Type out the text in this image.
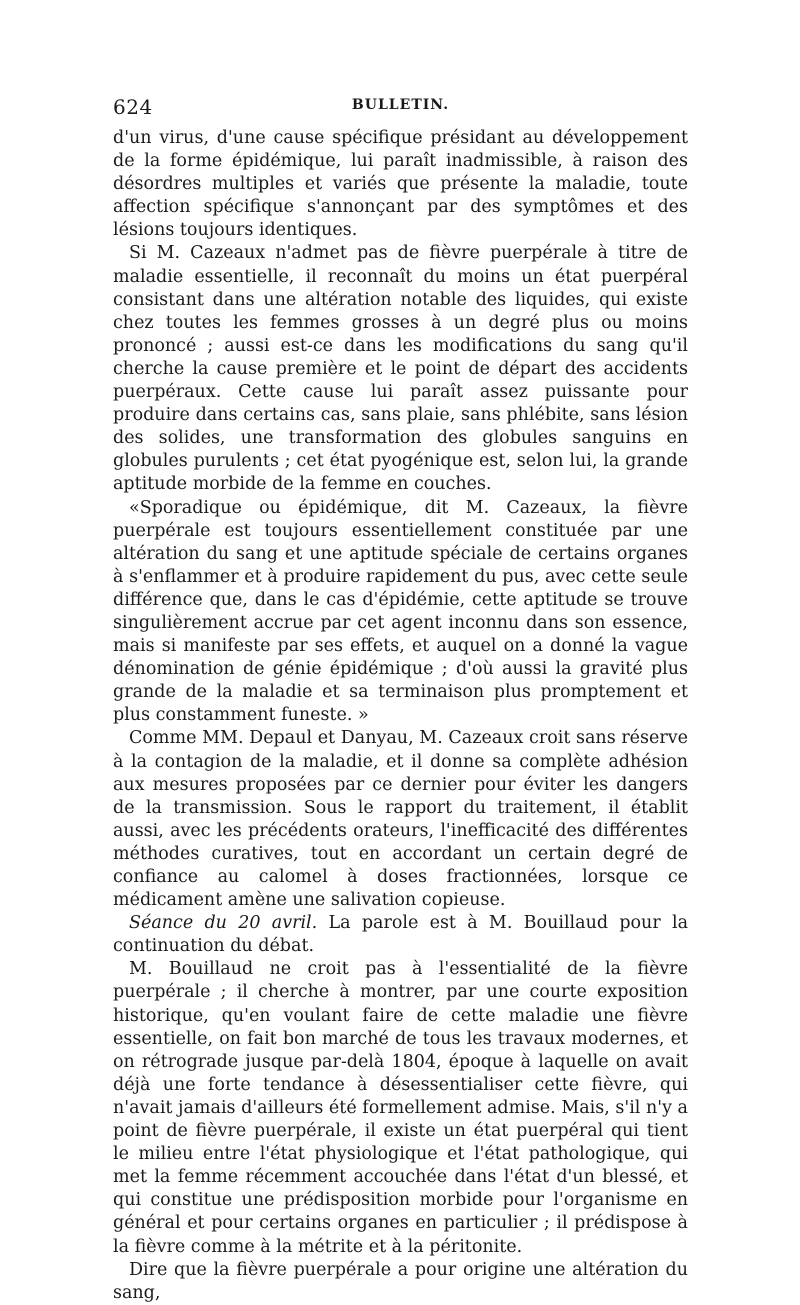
624	BULLETIN.

d'un virus, d'une cause spécifique présidant au développement de la forme épidémique, lui paraît inadmissible, à raison des désordres multiples et variés que présente la maladie, toute affection spécifique s'annonçant par des symptômes et des lésions toujours identiques.

Si M. Cazeaux n'admet pas de fièvre puerpérale à titre de maladie essentielle, il reconnaît du moins un état puerpéral consistant dans une altération notable des liquides, qui existe chez toutes les femmes grosses à un degré plus ou moins prononcé ; aussi est-ce dans les modifications du sang qu'il cherche la cause première et le point de départ des accidents puerpéraux. Cette cause lui paraît assez puissante pour produire dans certains cas, sans plaie, sans phlébite, sans lésion des solides, une transformation des globules sanguins en globules purulents ; cet état pyogénique est, selon lui, la grande aptitude morbide de la femme en couches.

«Sporadique ou épidémique, dit M. Cazeaux, la fièvre puerpérale est toujours essentiellement constituée par une altération du sang et une aptitude spéciale de certains organes à s'enflammer et à produire rapidement du pus, avec cette seule différence que, dans le cas d'épidémie, cette aptitude se trouve singulièrement accrue par cet agent inconnu dans son essence, mais si manifeste par ses effets, et auquel on a donné la vague dénomination de génie épidémique ; d'où aussi la gravité plus grande de la maladie et sa terminaison plus promptement et plus constamment funeste. »

Comme MM. Depaul et Danyau, M. Cazeaux croit sans réserve à la contagion de la maladie, et il donne sa complète adhésion aux mesures proposées par ce dernier pour éviter les dangers de la transmission. Sous le rapport du traitement, il établit aussi, avec les précédents orateurs, l'inefficacité des différentes méthodes curatives, tout en accordant un certain degré de confiance au calomel à doses fractionnées, lorsque ce médicament amène une salivation copieuse.

Séance du 20 avril. La parole est à M. Bouillaud pour la continuation du débat.

M. Bouillaud ne croit pas à l'essentialité de la fièvre puerpérale ; il cherche à montrer, par une courte exposition historique, qu'en voulant faire de cette maladie une fièvre essentielle, on fait bon marché de tous les travaux modernes, et on rétrograde jusque par-delà 1804, époque à laquelle on avait déjà une forte tendance à désessentialiser cette fièvre, qui n'avait jamais d'ailleurs été formellement admise. Mais, s'il n'y a point de fièvre puerpérale, il existe un état puerpéral qui tient le milieu entre l'état physiologique et l'état pathologique, qui met la femme récemment accouchée dans l'état d'un blessé, et qui constitue une prédisposition morbide pour l'organisme en général et pour certains organes en particulier ; il prédispose à la fièvre comme à la métrite et à la péritonite.

Dire que la fièvre puerpérale a pour origine une altération du sang,
